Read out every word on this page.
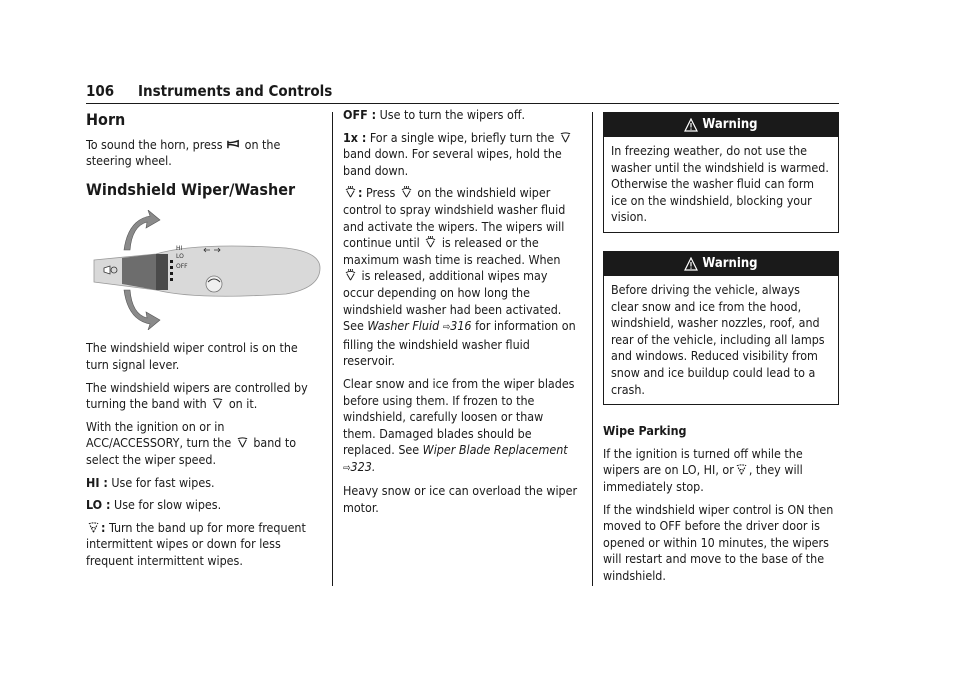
106 Instruments and Controls
Horn

To sound the horn, press on the steering wheel.

Windshield Wiper/Washer
OFF
LO
HI

The windshield wiper control is on the turn signal lever.

The windshield wipers are controlled by turning the band with on it.

With the ignition on or in ACC/ACCESSORY, turn the band to select the wiper speed.

HI : Use for fast wipes.

LO : Use for slow wipes.

: Turn the band up for more frequent intermittent wipes or down for less frequent intermittent wipes.

OFF : Use to turn the wipers off.

1x : For a single wipe, briefly turn the
band down. For several wipes, hold the band down.

: Press on the windshield wiper control to spray windshield washer fluid and activate the wipers. The wipers will continue until is released or the maximum wash time is reached. When
is released, additional wipes may occur depending on how long the windshield washer had been activated. See Washer Fluid ⇨316 for information on filling the windshield washer fluid reservoir.

Clear snow and ice from the wiper blades before using them. If frozen to the windshield, carefully loosen or thaw them. Damaged blades should be replaced. See Wiper Blade Replacement ⇨323.

Heavy snow or ice can overload the wiper motor.

Warning
In freezing weather, do not use the washer until the windshield is warmed. Otherwise the washer fluid can form ice on the windshield, blocking your vision.
Warning
Before driving the vehicle, always clear snow and ice from the hood, windshield, washer nozzles, roof, and rear of the vehicle, including all lamps and windows. Reduced visibility from snow and ice buildup could lead to a crash.
Wipe Parking

If the ignition is turned off while the wipers are on LO, HI, or , they will immediately stop.

If the windshield wiper control is ON then moved to OFF before the driver door is opened or within 10 minutes, the wipers will restart and move to the base of the windshield.
